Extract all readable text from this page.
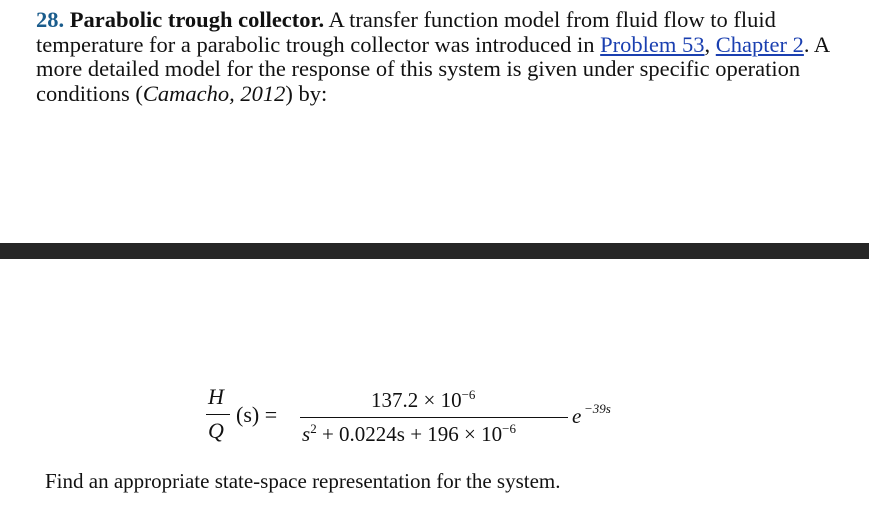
28. Parabolic trough collector. A transfer function model from fluid flow to fluid temperature for a parabolic trough collector was introduced in Problem 53, Chapter 2. A more detailed model for the response of this system is given under specific operation conditions (Camacho, 2012) by:

H
Q
(s) =
$137.2 \times 10^{-6}$
$s^2 + 0.0224s + 196 \times 10^{-6}$
e −39s

Find an appropriate state-space representation for the system.
